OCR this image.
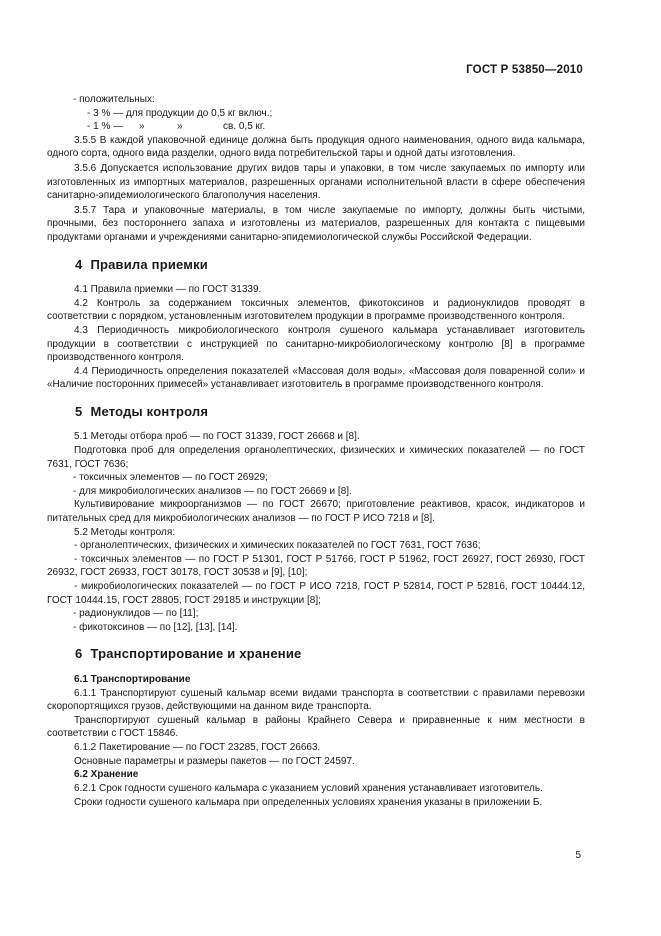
ГОСТ Р 53850—2010

- положительных:

- 3 % — для продукции до 0,5 кг включ.;

- 1 % —	»	»	св. 0,5 кг.

3.5.5 В каждой упаковочной единице должна быть продукция одного наименования, одного вида кальмара, одного сорта, одного вида разделки, одного вида потребительской тары и одной даты изготовления.

3.5.6 Допускается использование других видов тары и упаковки, в том числе закупаемых по импорту или изготовленных из импортных материалов, разрешенных органами исполнительной власти в сфере обеспечения санитарно-эпидемиологического благополучия населения.

3.5.7 Тара и упаковочные материалы, в том числе закупаемые по импорту, должны быть чистыми, прочными, без постороннего запаха и изготовлены из материалов, разрешенных для контакта с пищевыми продуктами органами и учреждениями санитарно-эпидемиологической службы Российской Федерации.

4 Правила приемки

4.1 Правила приемки — по ГОСТ 31339.

4.2 Контроль за содержанием токсичных элементов, фикотоксинов и радионуклидов проводят в соответствии с порядком, установленным изготовителем продукции в программе производственного контроля.

4.3 Периодичность микробиологического контроля сушеного кальмара устанавливает изготовитель продукции в соответствии с инструкцией по санитарно-микробиологическому контролю [8] в программе производственного контроля.

4.4 Периодичность определения показателей «Массовая доля воды», «Массовая доля поваренной соли» и «Наличие посторонних примесей» устанавливает изготовитель в программе производственного контроля.

5 Методы контроля

5.1 Методы отбора проб — по ГОСТ 31339, ГОСТ 26668 и [8].

Подготовка проб для определения органолептических, физических и химических показателей — по ГОСТ 7631, ГОСТ 7636;

- токсичных элементов — по ГОСТ 26929;

- для микробиологических анализов — по ГОСТ 26669 и [8].

Культивирование микроорганизмов — по ГОСТ 26670; приготовление реактивов, красок, индикаторов и питательных сред для микробиологических анализов — по ГОСТ Р ИСО 7218 и [8].

5.2 Методы контроля:

- органолептических, физических и химических показателей по ГОСТ 7631, ГОСТ 7636;

- токсичных элементов — по ГОСТ Р 51301, ГОСТ Р 51766, ГОСТ Р 51962, ГОСТ 26927, ГОСТ 26930, ГОСТ 26932, ГОСТ 26933, ГОСТ 30178, ГОСТ 30538 и [9], [10];

- микробиологических показателей — по ГОСТ Р ИСО 7218, ГОСТ Р 52814, ГОСТ Р 52816, ГОСТ 10444.12, ГОСТ 10444.15, ГОСТ 28805, ГОСТ 29185 и инструкции [8];

- радионуклидов — по [11];

- фикотоксинов — по [12], [13], [14].

6 Транспортирование и хранение

6.1 Транспортирование

6.1.1 Транспортируют сушеный кальмар всеми видами транспорта в соответствии с правилами перевозки скоропортящихся грузов, действующими на данном виде транспорта.

Транспортируют сушеный кальмар в районы Крайнего Севера и приравненные к ним местности в соответствии с ГОСТ 15846.

6.1.2 Пакетирование — по ГОСТ 23285, ГОСТ 26663.

Основные параметры и размеры пакетов — по ГОСТ 24597.

6.2 Хранение

6.2.1 Срок годности сушеного кальмара с указанием условий хранения устанавливает изготовитель.

Сроки годности сушеного кальмара при определенных условиях хранения указаны в приложении Б.

5
